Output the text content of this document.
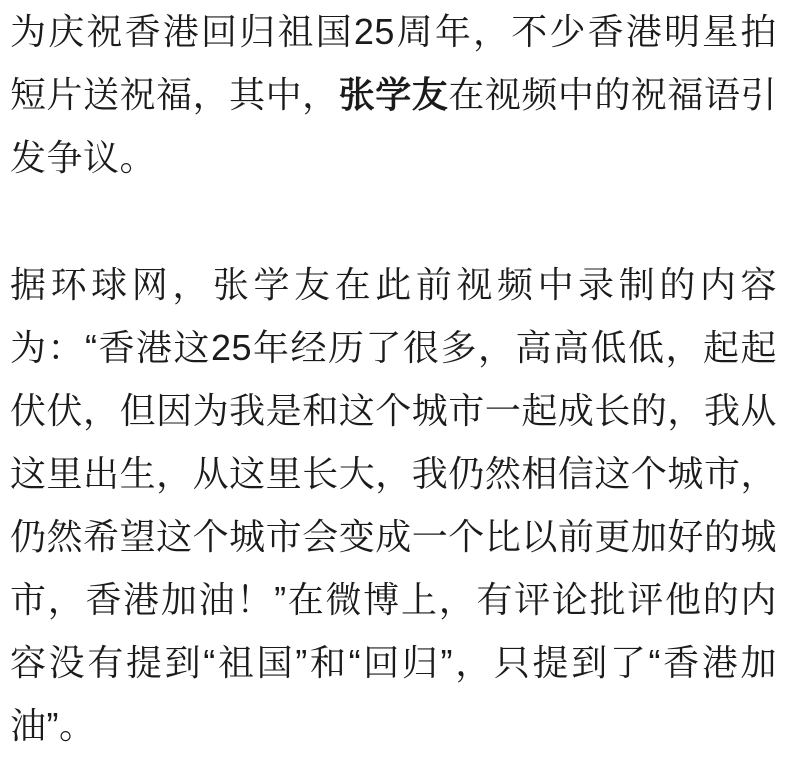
为庆祝香港回归祖国25周年，不少香港明星拍短片送祝福，其中，张学友在视频中的祝福语引发争议。

据环球网，张学友在此前视频中录制的内容为：“香港这25年经历了很多，高高低低，起起伏伏，但因为我是和这个城市一起成长的，我从这里出生，从这里长大，我仍然相信这个城市，仍然希望这个城市会变成一个比以前更加好的城市，香港加油！”在微博上，有评论批评他的内容没有提到“祖国”和“回归”，只提到了“香港加油”。
